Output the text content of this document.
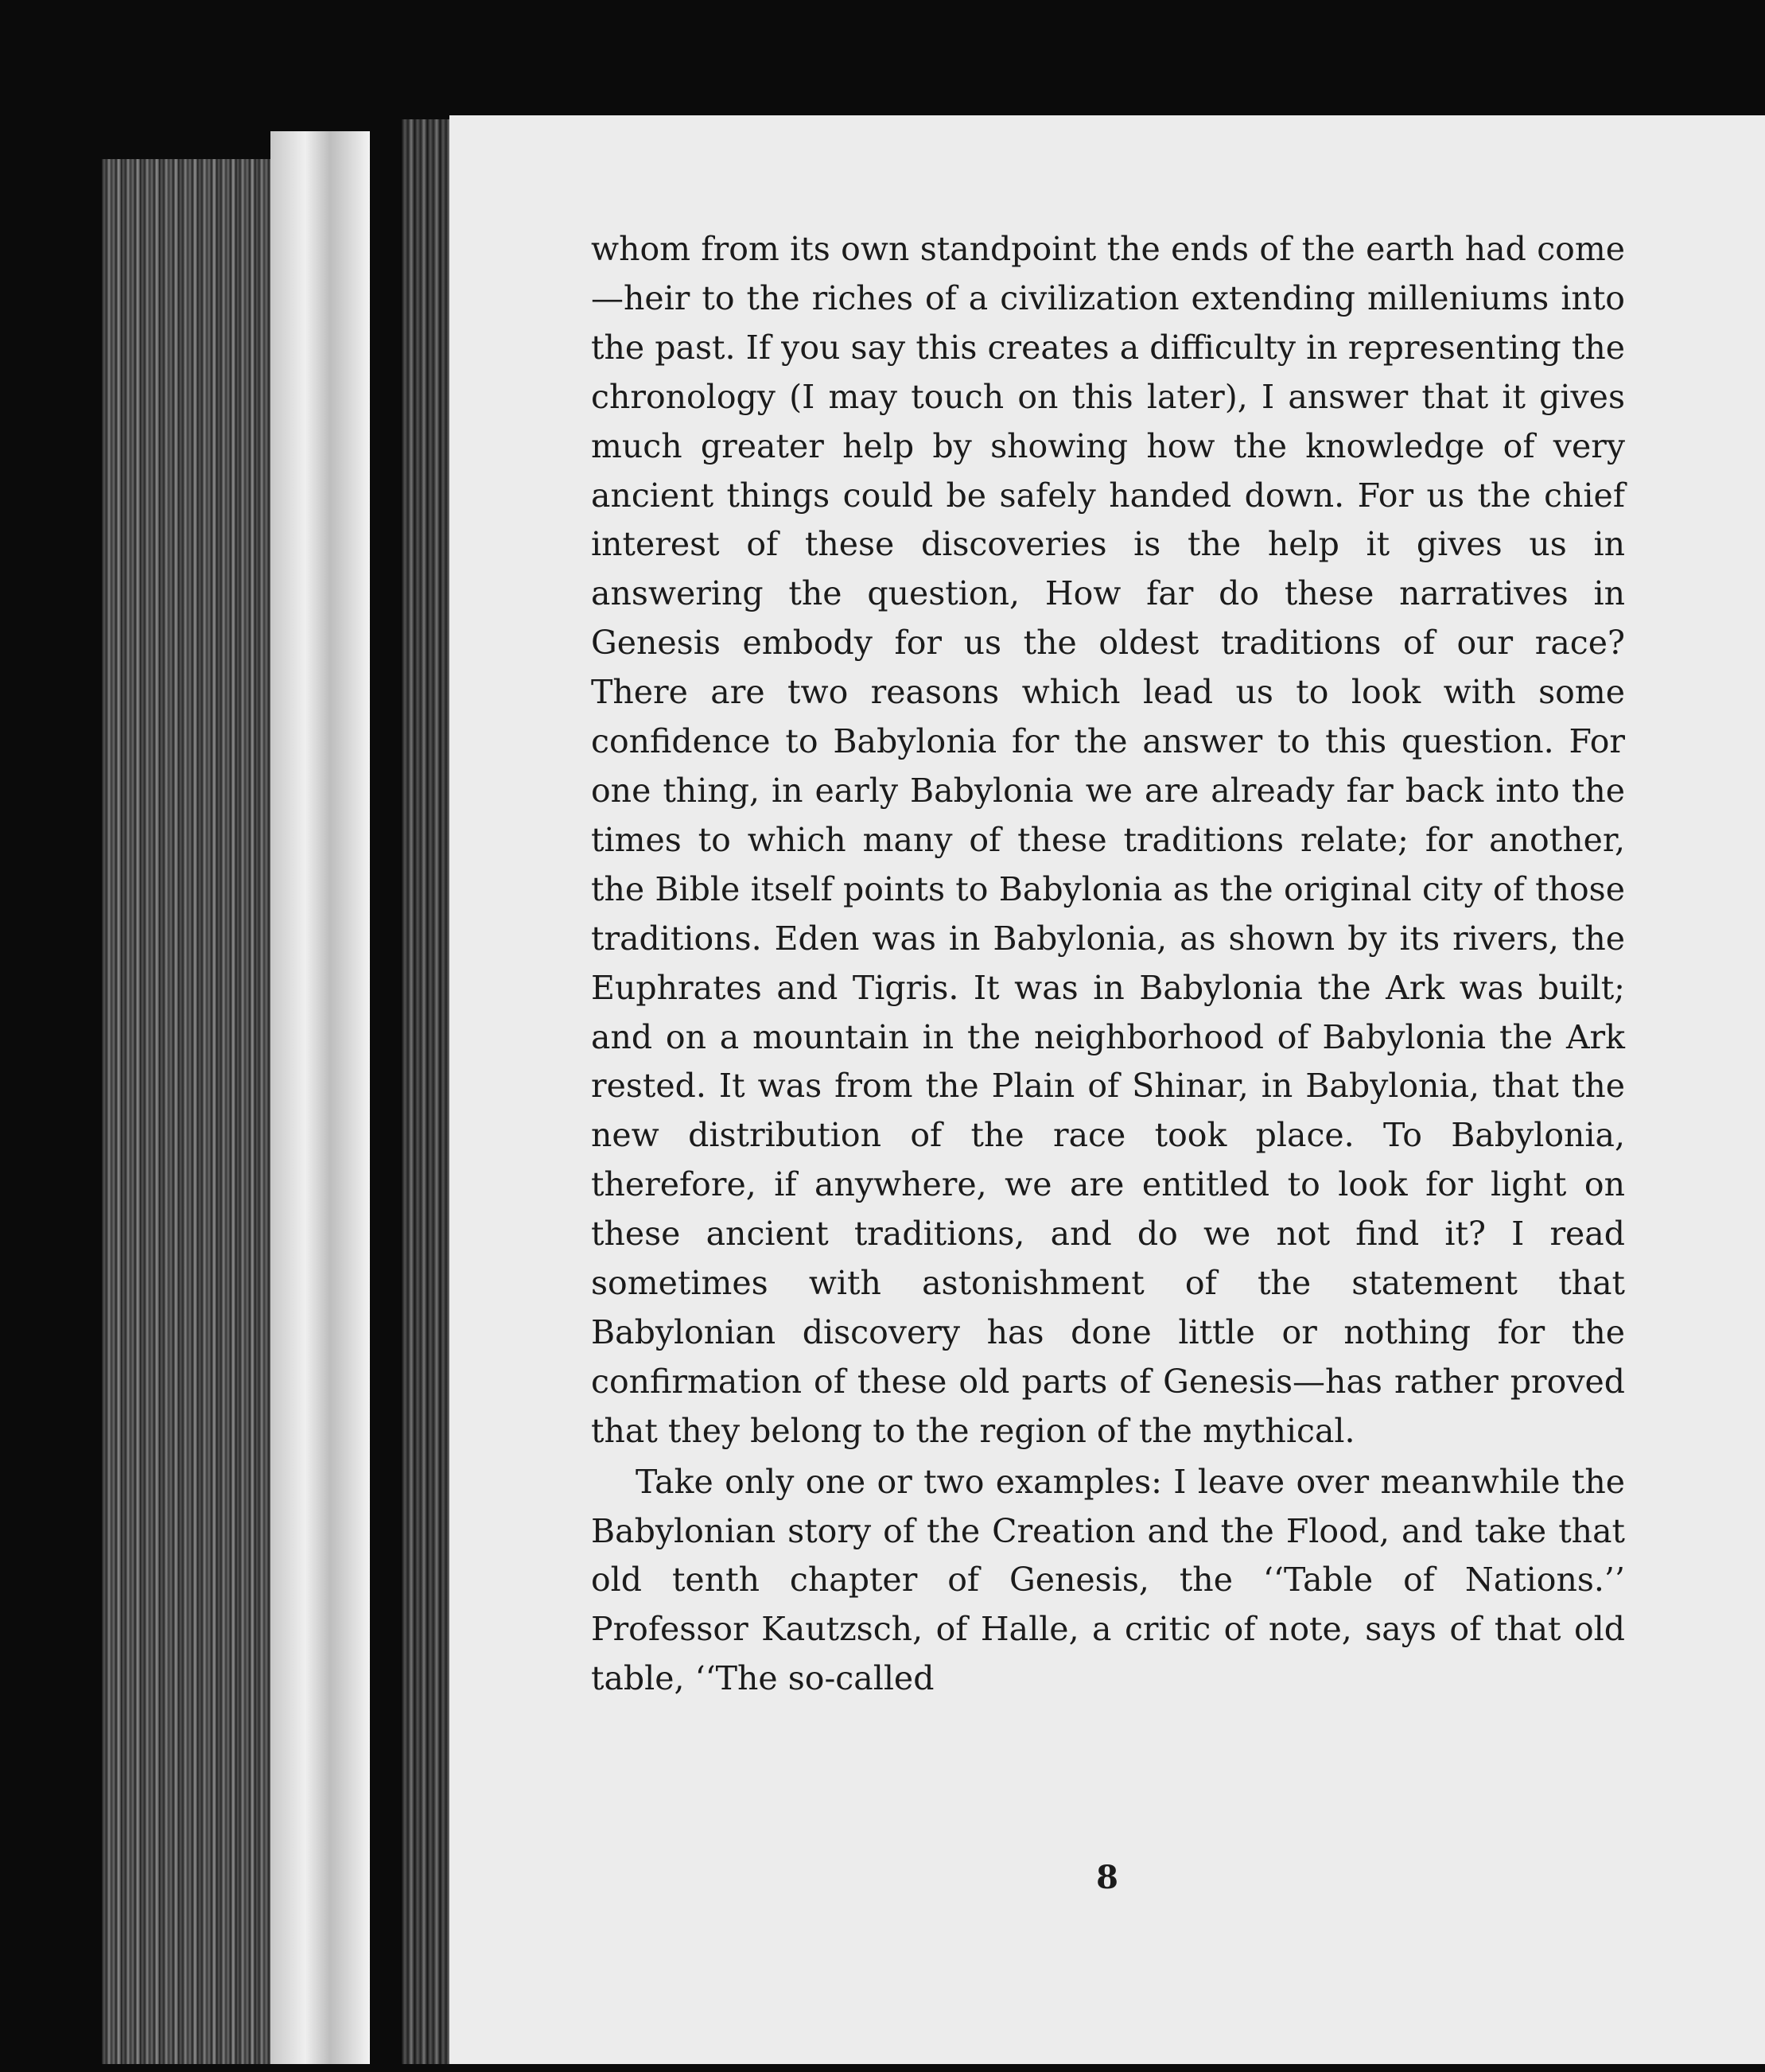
whom from its own standpoint the ends of the earth had come—heir to the riches of a civilization extending milleniums into the past. If you say this creates a difficulty in representing the chronology (I may touch on this later), I answer that it gives much greater help by showing how the knowledge of very ancient things could be safely handed down. For us the chief interest of these discoveries is the help it gives us in answering the question, How far do these narratives in Genesis embody for us the oldest traditions of our race? There are two reasons which lead us to look with some confidence to Babylonia for the answer to this question. For one thing, in early Babylonia we are already far back into the times to which many of these traditions relate; for another, the Bible itself points to Babylonia as the original city of those traditions. Eden was in Babylonia, as shown by its rivers, the Euphrates and Tigris. It was in Babylonia the Ark was built; and on a mountain in the neighborhood of Babylonia the Ark rested. It was from the Plain of Shinar, in Babylonia, that the new distribution of the race took place. To Babylonia, therefore, if anywhere, we are entitled to look for light on these ancient traditions, and do we not find it? I read sometimes with astonishment of the statement that Babylonian discovery has done little or nothing for the confirmation of these old parts of Genesis—has rather proved that they belong to the region of the mythical.

Take only one or two examples: I leave over meanwhile the Babylonian story of the Creation and the Flood, and take that old tenth chapter of Genesis, the ‘‘Table of Nations.’’ Professor Kautzsch, of Halle, a critic of note, says of that old table, ‘‘The so-called

8
